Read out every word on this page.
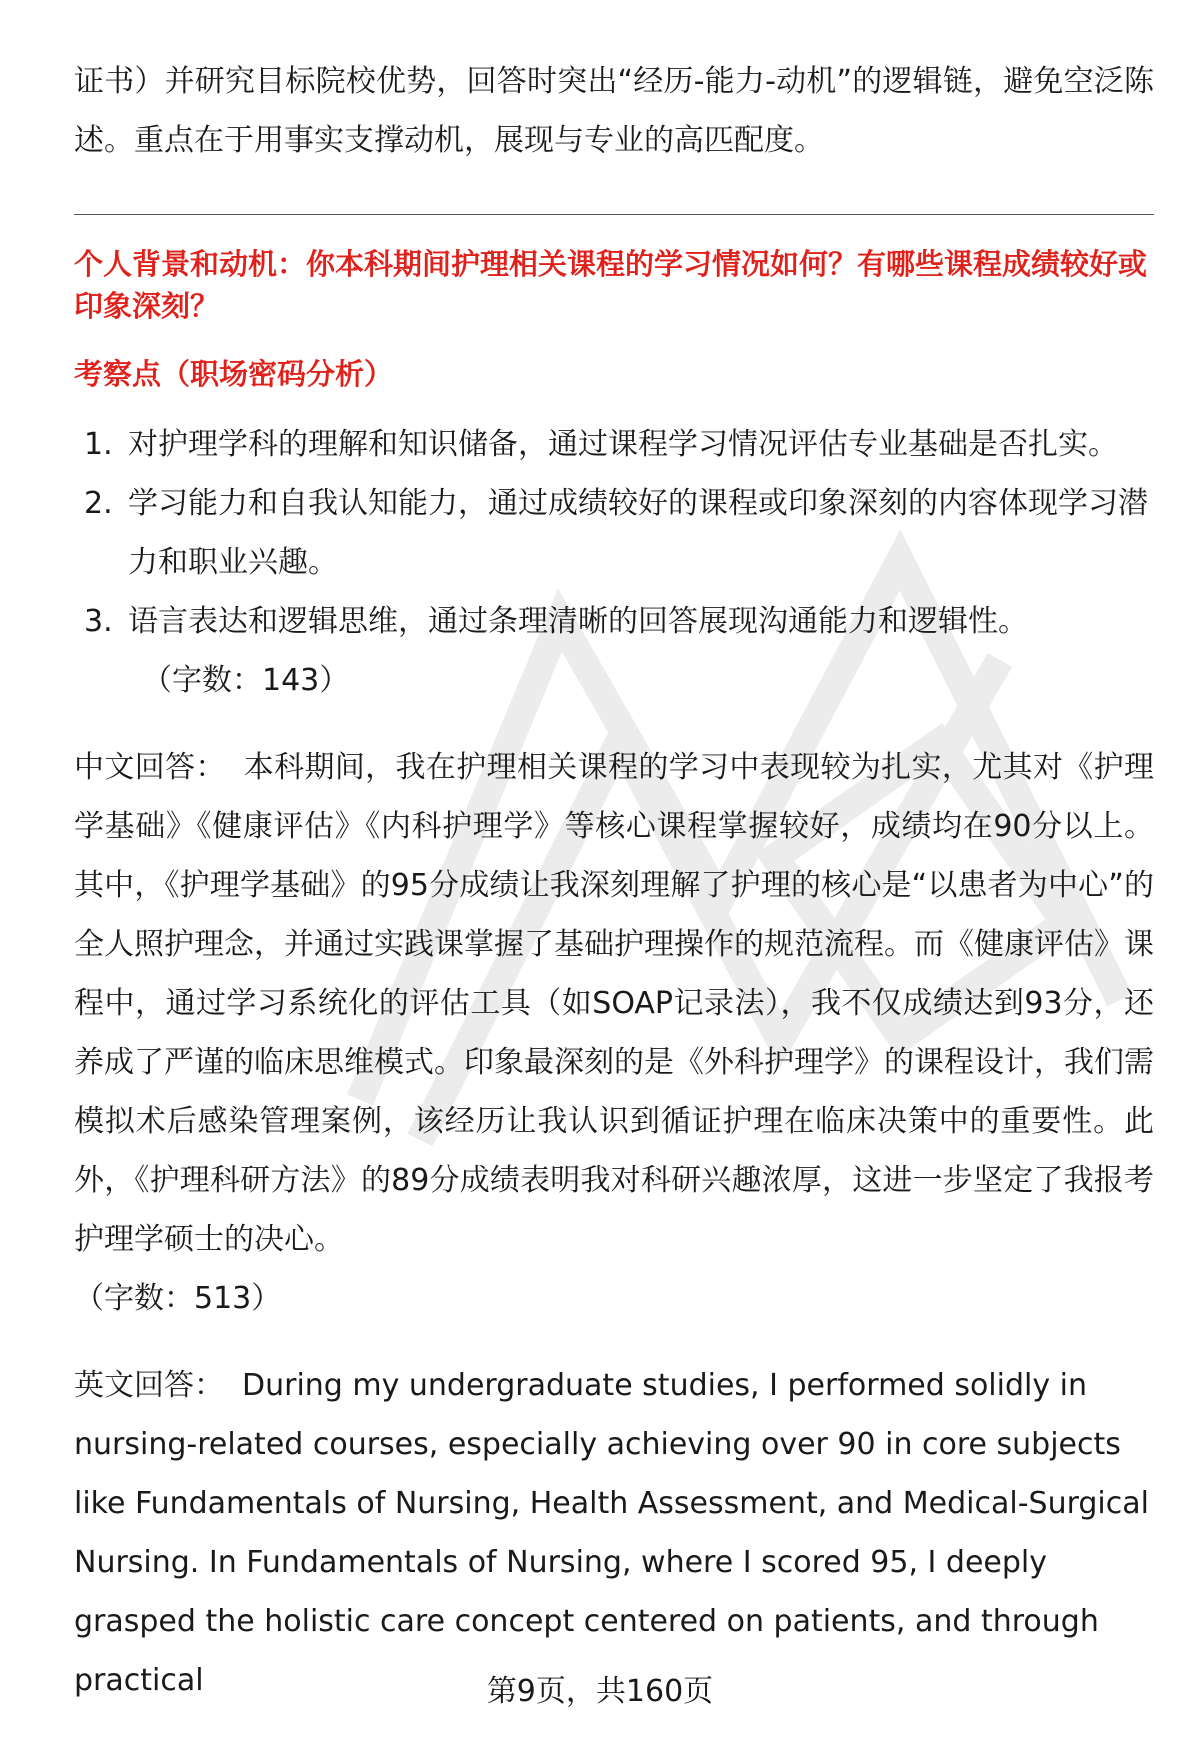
证书）并研究目标院校优势，回答时突出“经历-能力-动机”的逻辑链，避免空泛陈述。重点在于用事实支撑动机，展现与专业的高匹配度。

个人背景和动机：你本科期间护理相关课程的学习情况如何？有哪些课程成绩较好或印象深刻？

考察点（职场密码分析）

1. 对护理学科的理解和知识储备，通过课程学习情况评估专业基础是否扎实。
2. 学习能力和自我认知能力，通过成绩较好的课程或印象深刻的内容体现学习潜力和职业兴趣。
3. 语言表达和逻辑思维，通过条理清晰的回答展现沟通能力和逻辑性。

（字数：143）

中文回答： 本科期间，我在护理相关课程的学习中表现较为扎实，尤其对《护理学基础》《健康评估》《内科护理学》等核心课程掌握较好，成绩均在90分以上。其中，《护理学基础》的95分成绩让我深刻理解了护理的核心是“以患者为中心”的全人照护理念，并通过实践课掌握了基础护理操作的规范流程。而《健康评估》课程中，通过学习系统化的评估工具（如SOAP记录法），我不仅成绩达到93分，还养成了严谨的临床思维模式。印象最深刻的是《外科护理学》的课程设计，我们需模拟术后感染管理案例，该经历让我认识到循证护理在临床决策中的重要性。此外，《护理科研方法》的89分成绩表明我对科研兴趣浓厚，这进一步坚定了我报考护理学硕士的决心。

（字数：513）

英文回答： During my undergraduate studies, I performed solidly in nursing-related courses, especially achieving over 90 in core subjects like Fundamentals of Nursing, Health Assessment, and Medical-Surgical Nursing. In Fundamentals of Nursing, where I scored 95, I deeply grasped the holistic care concept centered on patients, and through practical	第9页，共160页
